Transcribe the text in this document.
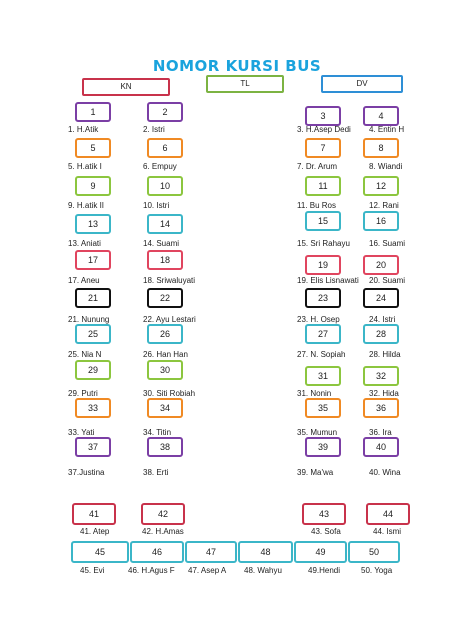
NOMOR KURSI BUS
KN	TL	DV
1
1. H.Atik
2
2. Istri
3
3. H.Asep Dedi
4
4. Entin H
5
5. H.atik I
6
6. Empuy
7
7. Dr. Arum
8
8. Wiandi
9
9. H.atik II
10
10. Istri
11
11. Bu Ros
12
12. Rani
13
13. Aniati
14
14. Suami
15
15. Sri Rahayu
16
16. Suami
17
17. Aneu
18
18. Sriwaluyati
19
19. Elis Lisnawati
20
20. Suami
21
21. Nunung
22
22. Ayu Lestari
23
23. H. Osep
24
24. Istri
25
25. Nia N
26
26. Han Han
27
27. N. Sopiah
28
28. Hilda
29
29. Putri
30
30. Siti Robiah
31
31. Nonin
32
32. Hida
33
33. Yati
34
34. Titin
35
35. Mumun
36
36. Ira
37
37.Justina
38
38. Erti
39
39. Ma'wa
40
40. Wina
41
41. Atep
42
42. H.Amas
43
43. Sofa
44
44. Ismi
45
45. Evi
46
46. H.Agus F
47
47. Asep A
48
48. Wahyu
49
49.Hendi
50
50. Yoga
